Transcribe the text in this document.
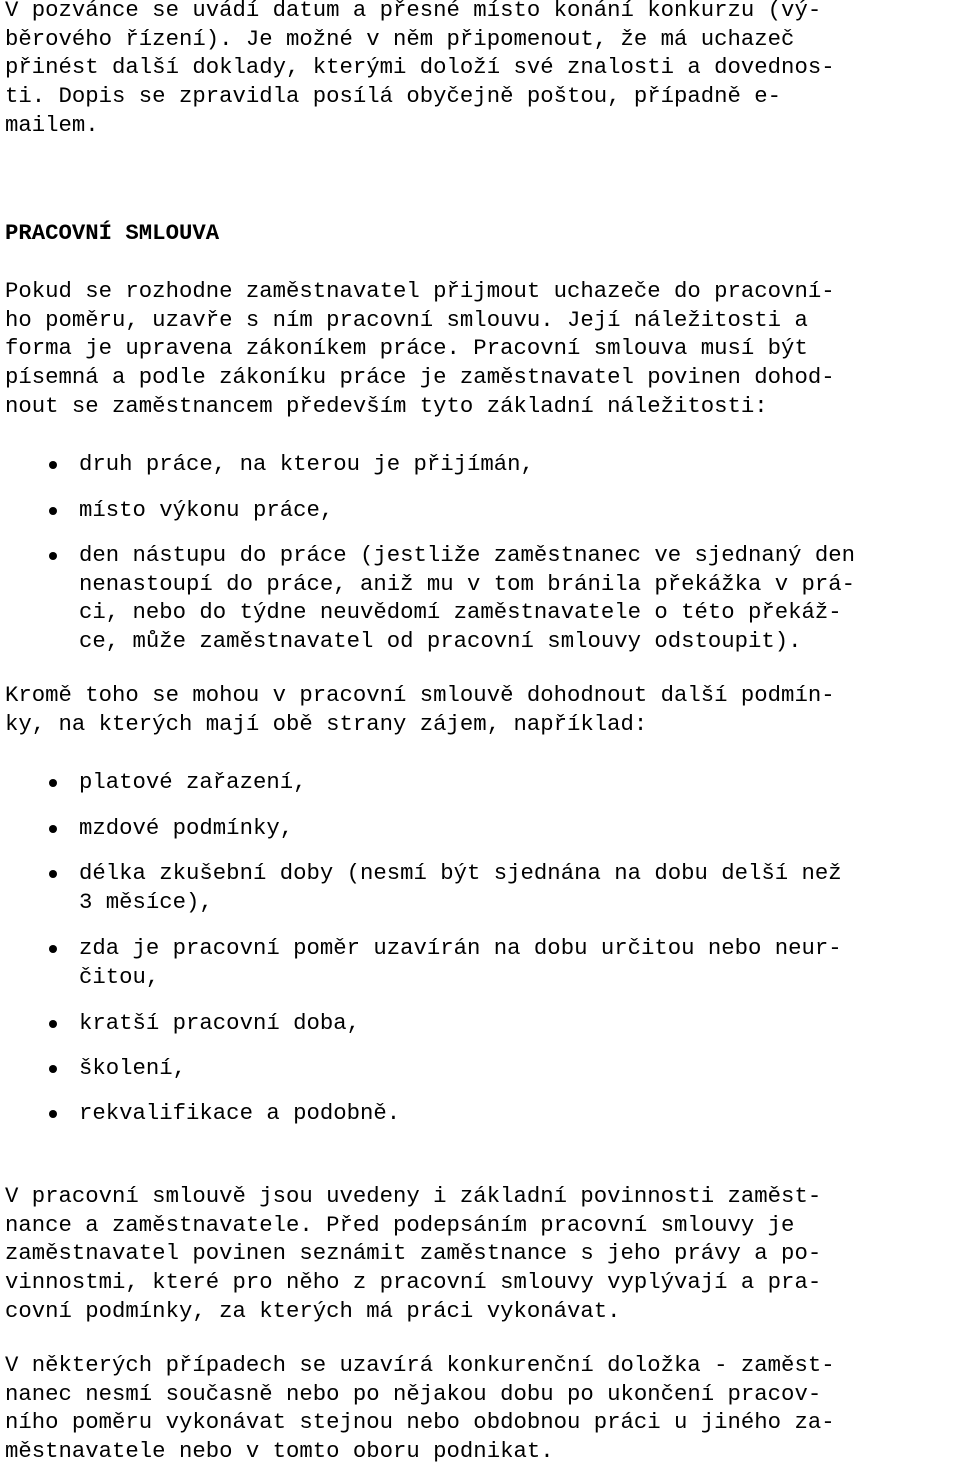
V pozvánce se uvádí datum a přesné místo konání konkurzu (vý-
běrového řízení). Je možné v něm připomenout, že má uchazeč
přinést další doklady, kterými doloží své znalosti a dovednos-
ti. Dopis se zpravidla posílá obyčejně poštou, případně e-
mailem.
PRACOVNÍ SMLOUVA
Pokud se rozhodne zaměstnavatel přijmout uchazeče do pracovní-
ho poměru, uzavře s ním pracovní smlouvu. Její náležitosti a
forma je upravena zákoníkem práce. Pracovní smlouva musí být
písemná a podle zákoníku práce je zaměstnavatel povinen dohod-
nout se zaměstnancem především tyto základní náležitosti:
druh práce, na kterou je přijímán,
místo výkonu práce,
den nástupu do práce (jestliže zaměstnanec ve sjednaný den
nenastoupí do práce, aniž mu v tom bránila překážka v prá-
ci, nebo do týdne neuvědomí zaměstnavatele o této překáž-
ce, může zaměstnavatel od pracovní smlouvy odstoupit).
Kromě toho se mohou v pracovní smlouvě dohodnout další podmín-
ky, na kterých mají obě strany zájem, například:
platové zařazení,
mzdové podmínky,
délka zkušební doby (nesmí být sjednána na dobu delší než
3 měsíce),
zda je pracovní poměr uzavírán na dobu určitou nebo neur-
čitou,
kratší pracovní doba,
školení,
rekvalifikace a podobně.
V pracovní smlouvě jsou uvedeny i základní povinnosti zaměst-
nance a zaměstnavatele. Před podepsáním pracovní smlouvy je
zaměstnavatel povinen seznámit zaměstnance s jeho právy a po-
vinnostmi, které pro něho z pracovní smlouvy vyplývají a pra-
covní podmínky, za kterých má práci vykonávat.
V některých případech se uzavírá konkurenční doložka - zaměst-
nanec nesmí současně nebo po nějakou dobu po ukončení pracov-
ního poměru vykonávat stejnou nebo obdobnou práci u jiného za-
městnavatele nebo v tomto oboru podnikat.
